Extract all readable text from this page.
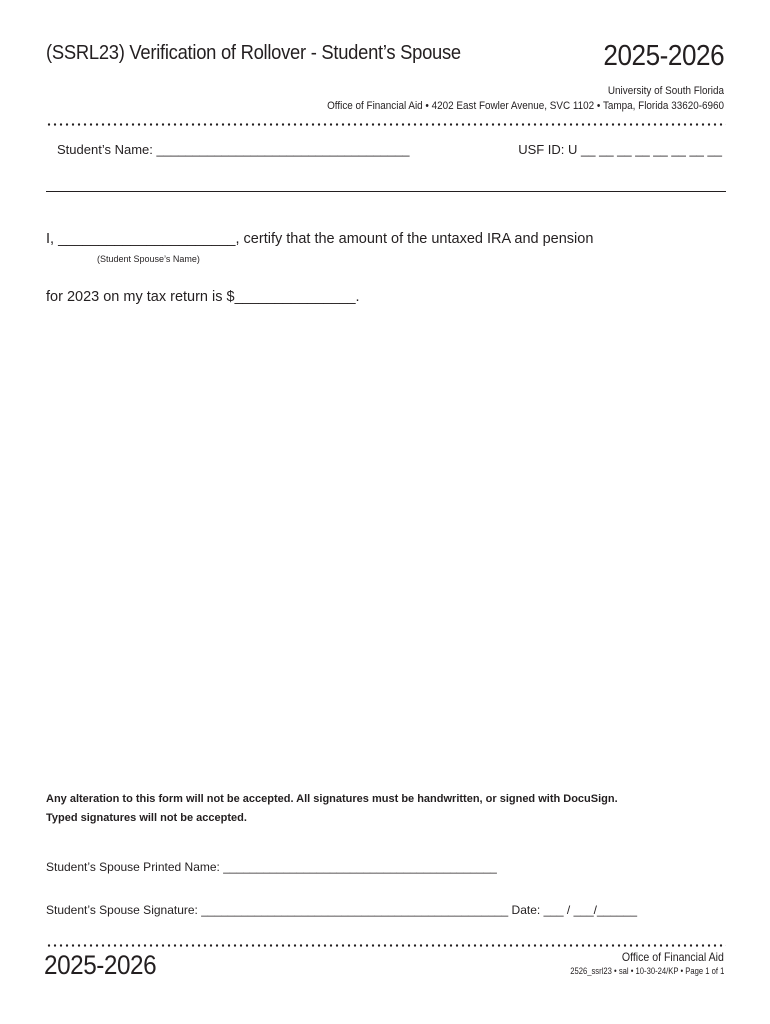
(SSRL23) Verification of Rollover - Student’s Spouse	2025-2026
University of South Florida
Office of Financial Aid • 4202 East Fowler Avenue, SVC 1102 • Tampa, Florida 33620-6960
Student’s Name: ___________________________________	USF ID: U __ __ __ __ __ __ __ __
I, ______________________, certify that the amount of the untaxed IRA and pension
(Student Spouse’s Name)
for 2023 on my tax return is $_______________.
Any alteration to this form will not be accepted. All signatures must be handwritten, or signed with DocuSign.
Typed signatures will not be accepted.
Student’s Spouse Printed Name: _________________________________________
Student’s Spouse Signature: ______________________________________________ Date: ___ / ___/______
2025-2026	Office of Financial Aid
2526_ssrl23 • sal • 10-30-24/KP • Page 1 of 1
